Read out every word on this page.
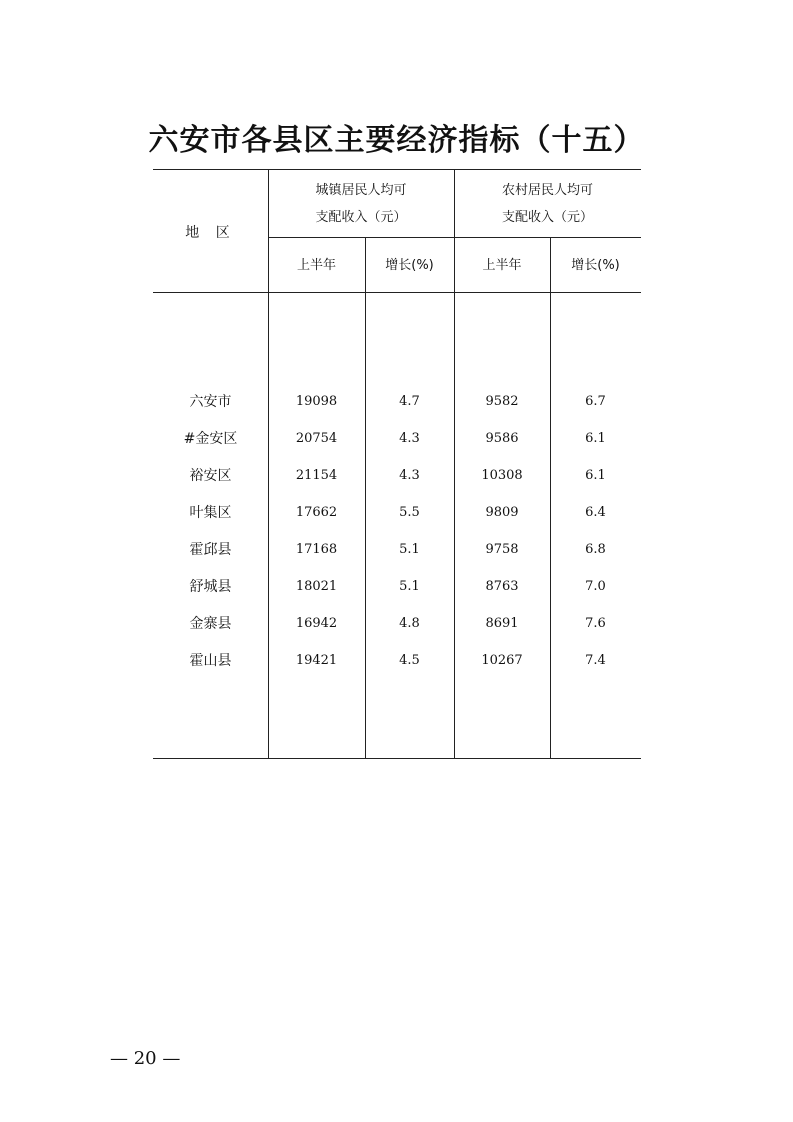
六安市各县区主要经济指标（十五）
地 区
城镇居民人均可
支配收入（元）
农村居民人均可
支配收入（元）
上半年	增长(%)	上半年	增长(%)
六安市	19098	4.7	9582	6.7
#金安区	20754	4.3	9586	6.1
裕安区	21154	4.3	10308	6.1
叶集区	17662	5.5	9809	6.4
霍邱县	17168	5.1	9758	6.8
舒城县	18021	5.1	8763	7.0
金寨县	16942	4.8	8691	7.6
霍山县	19421	4.5	10267	7.4
— 20 —
